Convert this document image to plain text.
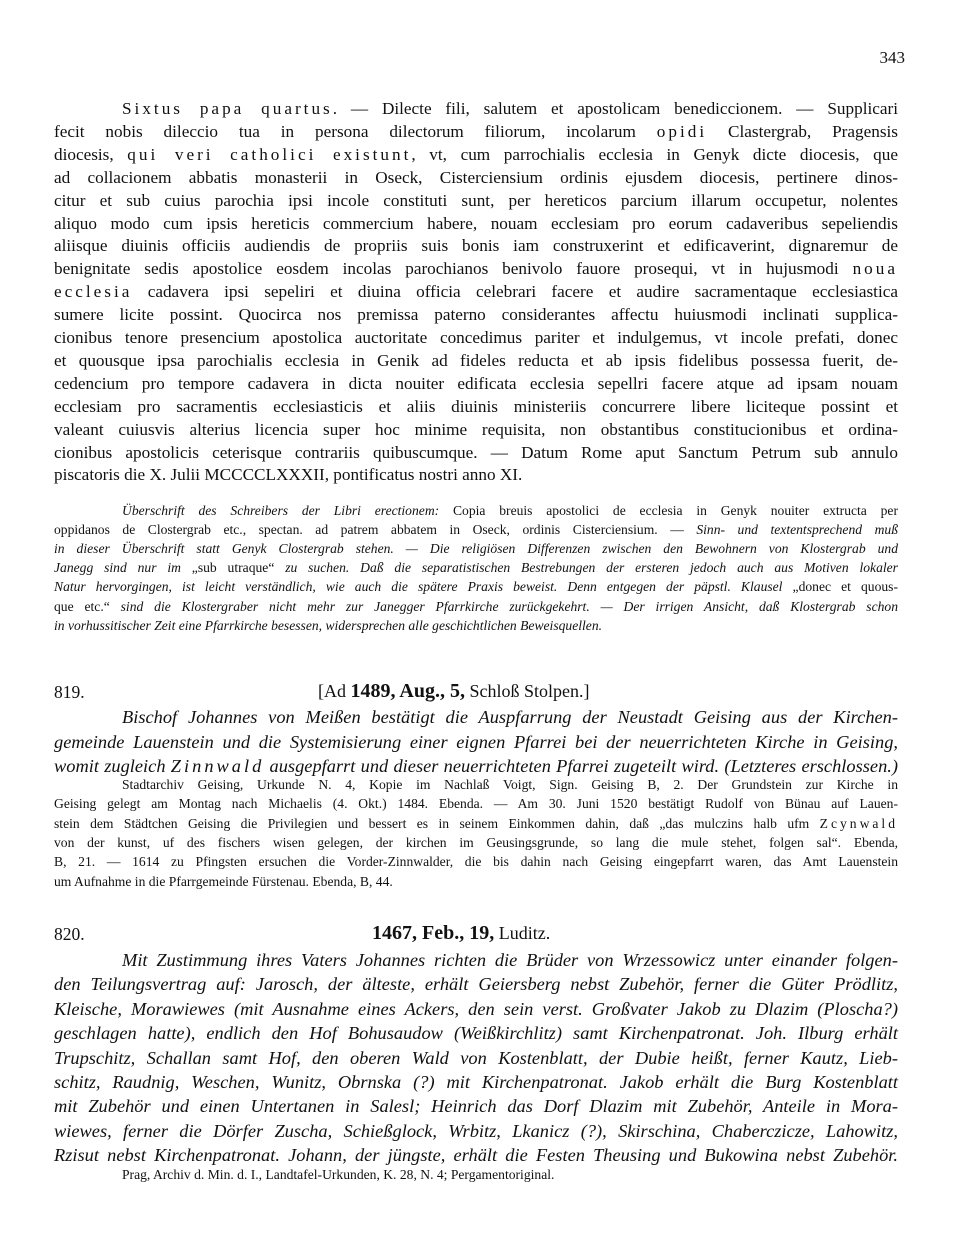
343
Sixtus papa quartus. — Dilecte fili, salutem et apostolicam benediccionem. — Supplicari
fecit nobis dileccio tua in persona dilectorum filiorum, incolarum opidi Clastergrab, Pragensis
diocesis, qui veri catholici existunt, vt, cum parrochialis ecclesia in Genyk dicte diocesis, que
ad collacionem abbatis monasterii in Oseck, Cisterciensium ordinis ejusdem diocesis, pertinere dinos-
citur et sub cuius parochia ipsi incole constituti sunt, per hereticos parcium illarum occupetur, nolentes
aliquo modo cum ipsis hereticis commercium habere, nouam ecclesiam pro eorum cadaveribus sepeliendis
aliisque diuinis officiis audiendis de propriis suis bonis iam construxerint et edificaverint, dignaremur de
benignitate sedis apostolice eosdem incolas parochianos benivolo fauore prosequi, vt in hujusmodi noua
ecclesia cadavera ipsi sepeliri et diuina officia celebrari facere et audire sacramentaque ecclesiastica
sumere licite possint. Quocirca nos premissa paterno considerantes affectu huiusmodi inclinati supplica-
cionibus tenore presencium apostolica auctoritate concedimus pariter et indulgemus, vt incole prefati, donec
et quousque ipsa parochialis ecclesia in Genik ad fideles reducta et ab ipsis fidelibus possessa fuerit, de-
cedencium pro tempore cadavera in dicta nouiter edificata ecclesia sepellri facere atque ad ipsam nouam
ecclesiam pro sacramentis ecclesiasticis et aliis diuinis ministeriis concurrere libere liciteque possint et
valeant cuiusvis alterius licencia super hoc minime requisita, non obstantibus constitucionibus et ordina-
cionibus apostolicis ceterisque contrariis quibuscumque. — Datum Rome aput Sanctum Petrum sub annulo
piscatoris die X. Julii MCCCCLXXXII, pontificatus nostri anno XI.
Überschrift des Schreibers der Libri erectionem: Copia breuis apostolici de ecclesia in Genyk nouiter extructa per
oppidanos de Clostergrab etc., spectan. ad patrem abbatem in Oseck, ordinis Cisterciensium. — Sinn- und textentsprechend muß
in dieser Überschrift statt Genyk Clostergrab stehen. — Die religiösen Differenzen zwischen den Bewohnern von Klostergrab und
Janegg sind nur im „sub utraque“ zu suchen. Daß die separatistischen Bestrebungen der ersteren jedoch auch aus Motiven lokaler
Natur hervorgingen, ist leicht verständlich, wie auch die spätere Praxis beweist. Denn entgegen der päpstl. Klausel „donec et quous-
que etc.“ sind die Klostergraber nicht mehr zur Janegger Pfarrkirche zurückgekehrt. — Der irrigen Ansicht, daß Klostergrab schon
in vorhussitischer Zeit eine Pfarrkirche besessen, widersprechen alle geschichtlichen Beweisquellen.
819.	[Ad 1489, Aug., 5, Schloß Stolpen.]
Bischof Johannes von Meißen bestätigt die Auspfarrung der Neustadt Geising aus der Kirchen-
gemeinde Lauenstein und die Systemisierung einer eignen Pfarrei bei der neuerrichteten Kirche in Geising,
womit zugleich Zinnwald ausgepfarrt und dieser neuerrichteten Pfarrei zugeteilt wird. (Letzteres erschlossen.)
Stadtarchiv Geising, Urkunde N. 4, Kopie im Nachlaß Voigt, Sign. Geising B, 2. Der Grundstein zur Kirche in
Geising gelegt am Montag nach Michaelis (4. Okt.) 1484. Ebenda. — Am 30. Juni 1520 bestätigt Rudolf von Bünau auf Lauen-
stein dem Städtchen Geising die Privilegien und bessert es in seinem Einkommen dahin, daß „das mulczins halb ufm Zcynwald
von der kunst, uf des fischers wisen gelegen, der kirchen im Geusingsgrunde, so lang die mule stehet, folgen sal“. Ebenda,
B, 21. — 1614 zu Pfingsten ersuchen die Vorder-Zinnwalder, die bis dahin nach Geising eingepfarrt waren, das Amt Lauenstein
um Aufnahme in die Pfarrgemeinde Fürstenau. Ebenda, B, 44.
820.	1467, Feb., 19, Luditz.
Mit Zustimmung ihres Vaters Johannes richten die Brüder von Wrzessowicz unter einander folgen-
den Teilungsvertrag auf: Jarosch, der älteste, erhält Geiersberg nebst Zubehör, ferner die Güter Prödlitz,
Kleische, Morawiewes (mit Ausnahme eines Ackers, den sein verst. Großvater Jakob zu Dlazim (Ploscha?)
geschlagen hatte), endlich den Hof Bohusaudow (Weißkirchlitz) samt Kirchenpatronat. Joh. Ilburg erhält
Trupschitz, Schallan samt Hof, den oberen Wald von Kostenblatt, der Dubie heißt, ferner Kautz, Lieb-
schitz, Raudnig, Weschen, Wunitz, Obrnska (?) mit Kirchenpatronat. Jakob erhält die Burg Kostenblatt
mit Zubehör und einen Untertanen in Salesl; Heinrich das Dorf Dlazim mit Zubehör, Anteile in Mora-
wiewes, ferner die Dörfer Zuscha, Schießglock, Wrbitz, Lkanicz (?), Skirschina, Chaberczicze, Lahowitz,
Rzisut nebst Kirchenpatronat. Johann, der jüngste, erhält die Festen Theusing und Bukowina nebst Zubehör.
Prag, Archiv d. Min. d. I., Landtafel-Urkunden, K. 28, N. 4; Pergamentoriginal.
